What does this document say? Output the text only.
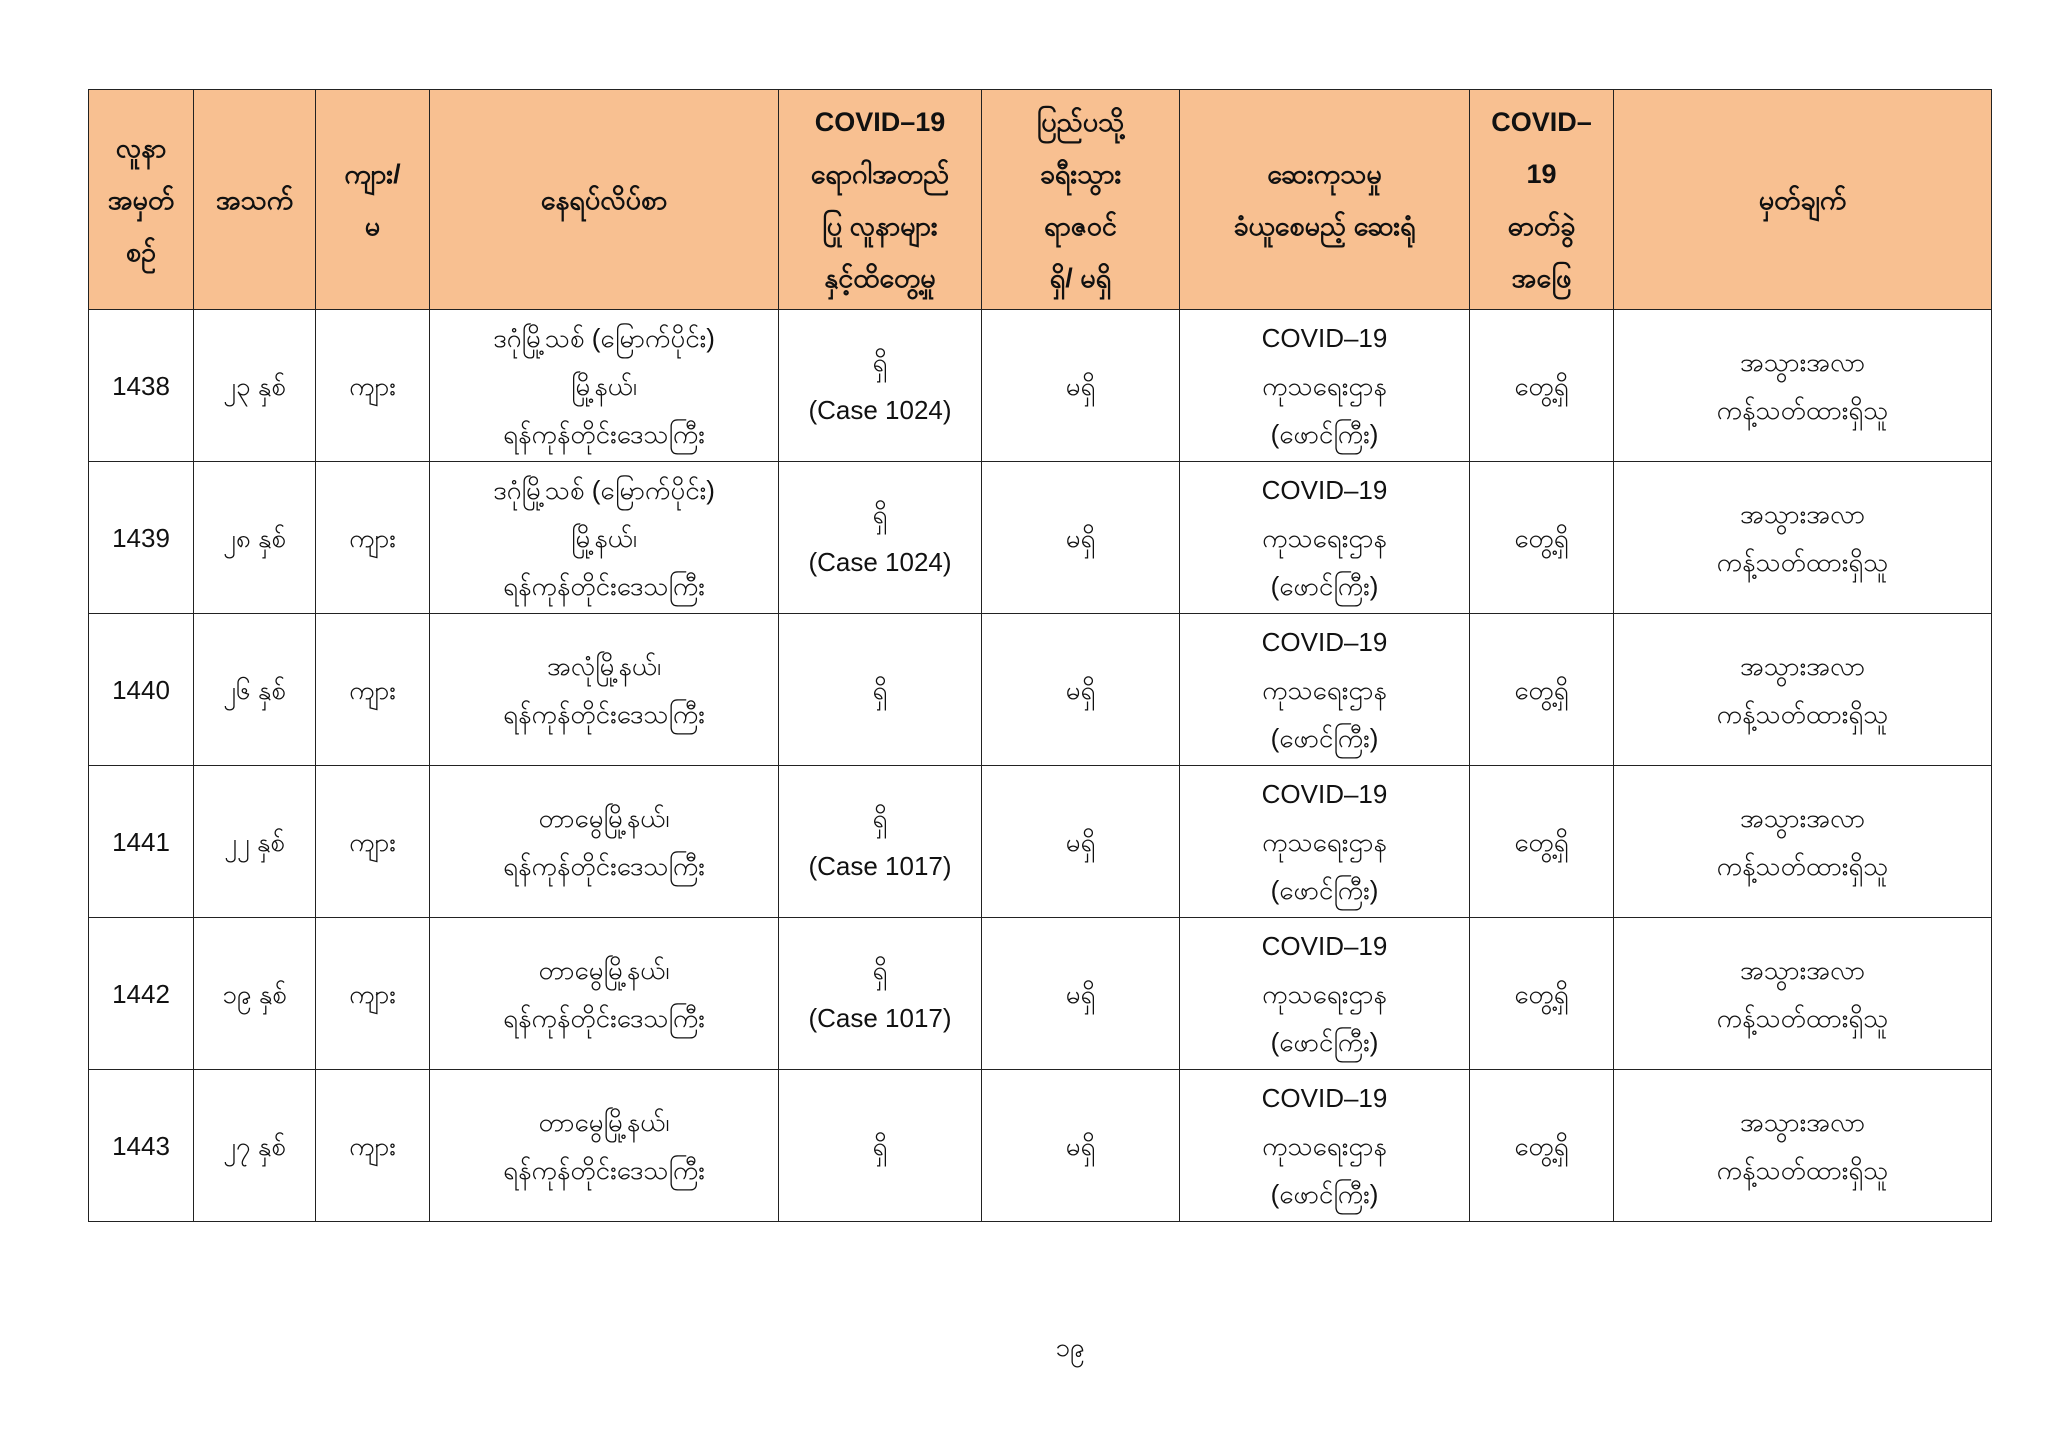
လူနာ
အမှတ်
စဉ်	အသက်	ကျား/
မ	နေရပ်လိပ်စာ	COVID–19
ရောဂါအတည်
ပြု လူနာများ
နှင့်ထိတွေ့မှု	ပြည်ပသို့
ခရီးသွား
ရာဇဝင်
ရှိ/ မရှိ	ဆေးကုသမှု
ခံယူစေမည့် ဆေးရုံ	COVID–
19
ဓာတ်ခွဲ
အဖြေ	မှတ်ချက်
1438	၂၃ နှစ်	ကျား	ဒဂုံမြို့သစ် (မြောက်ပိုင်း)
မြို့နယ်၊
ရန်ကုန်တိုင်းဒေသကြီး	ရှိ
(Case 1024)	မရှိ	COVID–19
ကုသရေးဌာန
(ဖောင်ကြီး)	တွေ့ရှိ	အသွားအလာ
ကန့်သတ်ထားရှိသူ
1439	၂၈ နှစ်	ကျား	ဒဂုံမြို့သစ် (မြောက်ပိုင်း)
မြို့နယ်၊
ရန်ကုန်တိုင်းဒေသကြီး	ရှိ
(Case 1024)	မရှိ	COVID–19
ကုသရေးဌာန
(ဖောင်ကြီး)	တွေ့ရှိ	အသွားအလာ
ကန့်သတ်ထားရှိသူ
1440	၂၆ နှစ်	ကျား	အလုံမြို့နယ်၊
ရန်ကုန်တိုင်းဒေသကြီး	ရှိ	မရှိ	COVID–19
ကုသရေးဌာန
(ဖောင်ကြီး)	တွေ့ရှိ	အသွားအလာ
ကန့်သတ်ထားရှိသူ
1441	၂၂ နှစ်	ကျား	တာမွေမြို့နယ်၊
ရန်ကုန်တိုင်းဒေသကြီး	ရှိ
(Case 1017)	မရှိ	COVID–19
ကုသရေးဌာန
(ဖောင်ကြီး)	တွေ့ရှိ	အသွားအလာ
ကန့်သတ်ထားရှိသူ
1442	၁၉ နှစ်	ကျား	တာမွေမြို့နယ်၊
ရန်ကုန်တိုင်းဒေသကြီး	ရှိ
(Case 1017)	မရှိ	COVID–19
ကုသရေးဌာန
(ဖောင်ကြီး)	တွေ့ရှိ	အသွားအလာ
ကန့်သတ်ထားရှိသူ
1443	၂၇ နှစ်	ကျား	တာမွေမြို့နယ်၊
ရန်ကုန်တိုင်းဒေသကြီး	ရှိ	မရှိ	COVID–19
ကုသရေးဌာန
(ဖောင်ကြီး)	တွေ့ရှိ	အသွားအလာ
ကန့်သတ်ထားရှိသူ
၁၉
